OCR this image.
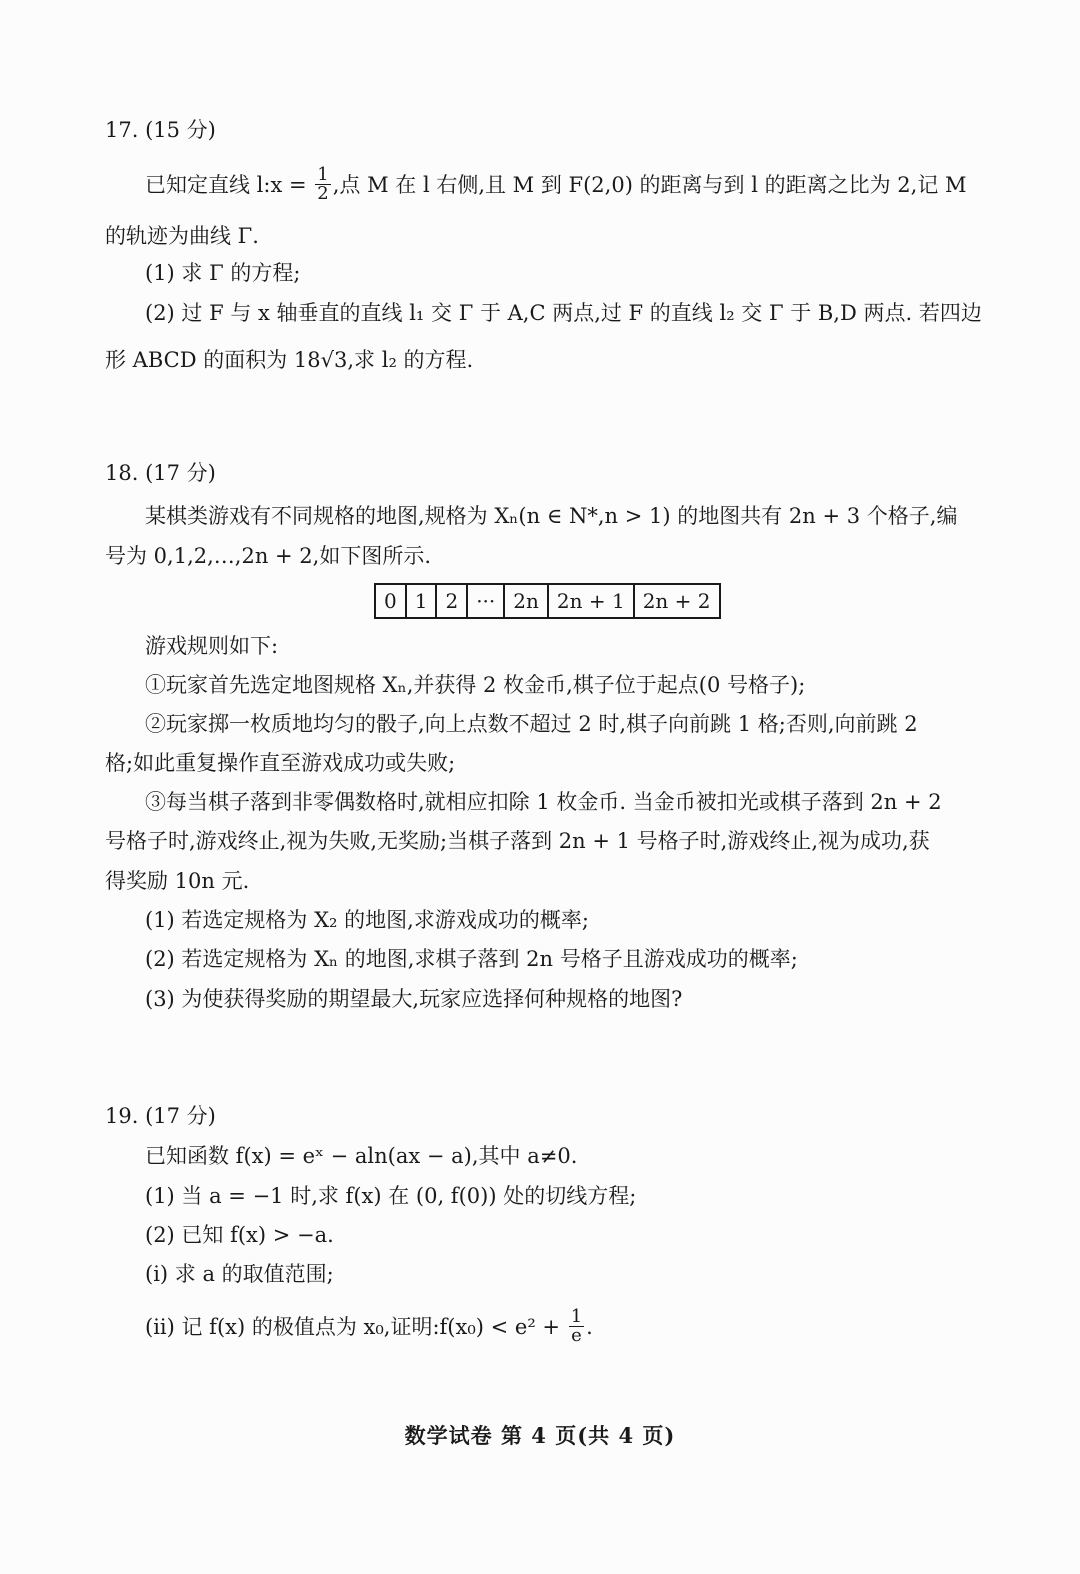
17. (15 分)
已知定直线 l:x = $\frac{1}{2}$ ,点 M 在 l 右侧,且 M 到 F(2,0) 的距离与到 l 的距离之比为 2,记 M
的轨迹为曲线 Γ.
(1) 求 Γ 的方程;
(2) 过 F 与 x 轴垂直的直线 l₁ 交 Γ 于 A,C 两点,过 F 的直线 l₂ 交 Γ 于 B,D 两点. 若四边
形 ABCD 的面积为 18√3,求 l₂ 的方程.
18. (17 分)
某棋类游戏有不同规格的地图,规格为 Xₙ(n ∈ N*,n > 1) 的地图共有 2n + 3 个格子,编
号为 0,1,2,…,2n + 2,如下图所示.
0	1	2	···	2n	2n + 1	2n + 2
游戏规则如下:
①玩家首先选定地图规格 Xₙ,并获得 2 枚金币,棋子位于起点(0 号格子);
②玩家掷一枚质地均匀的骰子,向上点数不超过 2 时,棋子向前跳 1 格;否则,向前跳 2
格;如此重复操作直至游戏成功或失败;
③每当棋子落到非零偶数格时,就相应扣除 1 枚金币. 当金币被扣光或棋子落到 2n + 2
号格子时,游戏终止,视为失败,无奖励;当棋子落到 2n + 1 号格子时,游戏终止,视为成功,获
得奖励 10n 元.
(1) 若选定规格为 X₂ 的地图,求游戏成功的概率;
(2) 若选定规格为 Xₙ 的地图,求棋子落到 2n 号格子且游戏成功的概率;
(3) 为使获得奖励的期望最大,玩家应选择何种规格的地图?
19. (17 分)
已知函数 f(x) = eˣ − aln(ax − a),其中 a≠0.
(1) 当 a = −1 时,求 f(x) 在 (0, f(0)) 处的切线方程;
(2) 已知 f(x) > −a.
(i) 求 a 的取值范围;
(ii) 记 f(x) 的极值点为 x₀,证明:f(x₀) < $e^2 + \frac{1}{e}$ .
数学试卷 第 4 页(共 4 页)
